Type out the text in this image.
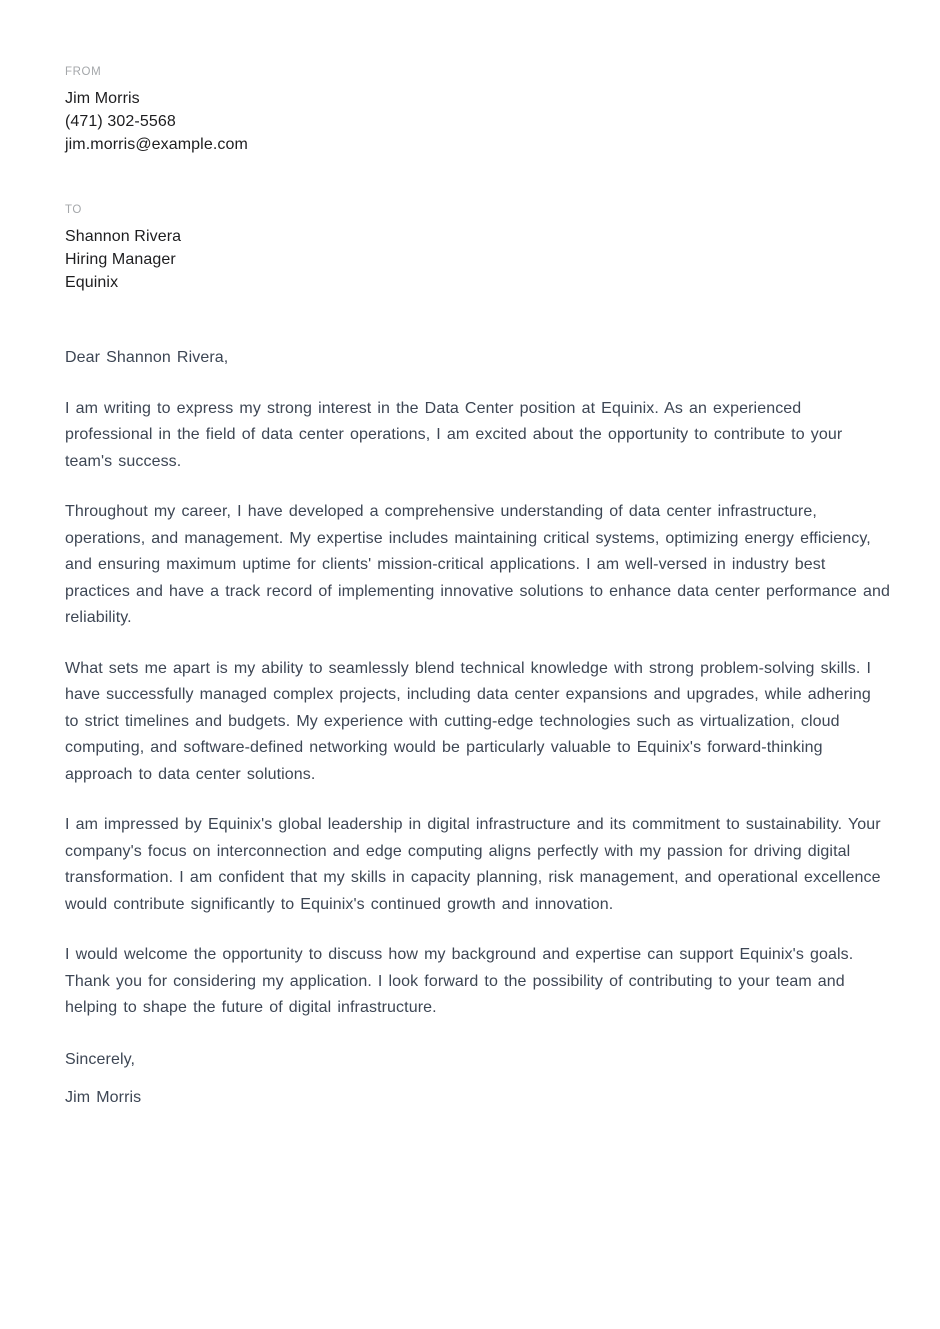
FROM
Jim Morris
(471) 302-5568
jim.morris@example.com
TO
Shannon Rivera
Hiring Manager
Equinix
Dear Shannon Rivera,
I am writing to express my strong interest in the Data Center position at Equinix. As an experienced professional in the field of data center operations, I am excited about the opportunity to contribute to your team's success.
Throughout my career, I have developed a comprehensive understanding of data center infrastructure, operations, and management. My expertise includes maintaining critical systems, optimizing energy efficiency, and ensuring maximum uptime for clients' mission-critical applications. I am well-versed in industry best practices and have a track record of implementing innovative solutions to enhance data center performance and reliability.
What sets me apart is my ability to seamlessly blend technical knowledge with strong problem-solving skills. I have successfully managed complex projects, including data center expansions and upgrades, while adhering to strict timelines and budgets. My experience with cutting-edge technologies such as virtualization, cloud computing, and software-defined networking would be particularly valuable to Equinix's forward-thinking approach to data center solutions.
I am impressed by Equinix's global leadership in digital infrastructure and its commitment to sustainability. Your company's focus on interconnection and edge computing aligns perfectly with my passion for driving digital transformation. I am confident that my skills in capacity planning, risk management, and operational excellence would contribute significantly to Equinix's continued growth and innovation.
I would welcome the opportunity to discuss how my background and expertise can support Equinix's goals. Thank you for considering my application. I look forward to the possibility of contributing to your team and helping to shape the future of digital infrastructure.
Sincerely,
Jim Morris
